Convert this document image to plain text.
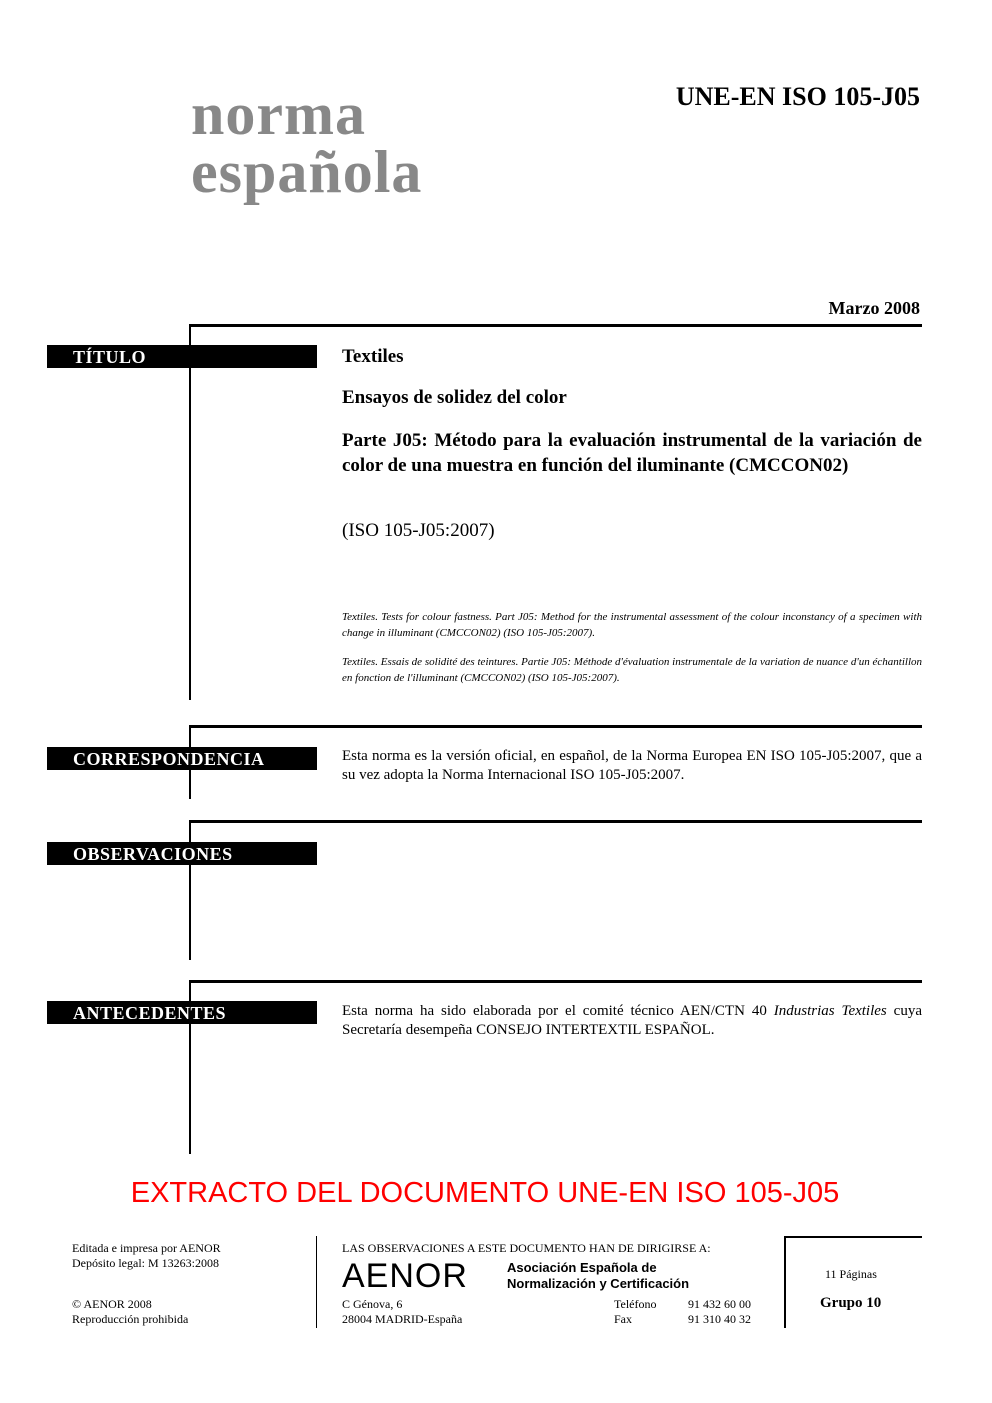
norma
española
UNE-EN ISO 105-J05
Marzo 2008
TÍTULO	Textiles
Ensayos de solidez del color
Parte J05: Método para la evaluación instrumental de la variación de color de una muestra en función del iluminante (CMCCON02)
(ISO 105-J05:2007)
Textiles. Tests for colour fastness. Part J05: Method for the instrumental assessment of the colour inconstancy of a specimen with change in illuminant (CMCCON02) (ISO 105-J05:2007).
Textiles. Essais de solidité des teintures. Partie J05: Méthode d'évaluation instrumentale de la variation de nuance d'un échantillon en fonction de l'illuminant (CMCCON02) (ISO 105-J05:2007).
CORRESPONDENCIA	Esta norma es la versión oficial, en español, de la Norma Europea EN ISO 105-J05:2007, que a su vez adopta la Norma Internacional ISO 105-J05:2007.
OBSERVACIONES
ANTECEDENTES	Esta norma ha sido elaborada por el comité técnico AEN/CTN 40 Industrias Textiles cuya Secretaría desempeña CONSEJO INTERTEXTIL ESPAÑOL.
EXTRACTO DEL DOCUMENTO UNE-EN ISO 105-J05
Editada e impresa por AENOR
Depósito legal: M 13263:2008
© AENOR 2008
Reproducción prohibida
LAS OBSERVACIONES A ESTE DOCUMENTO HAN DE DIRIGIRSE A:
AENOR	Asociación Española de
Normalización y Certificación
C Génova, 6
28004 MADRID-España
Teléfono	91 432 60 00
Fax	91 310 40 32
11 Páginas
Grupo 10
